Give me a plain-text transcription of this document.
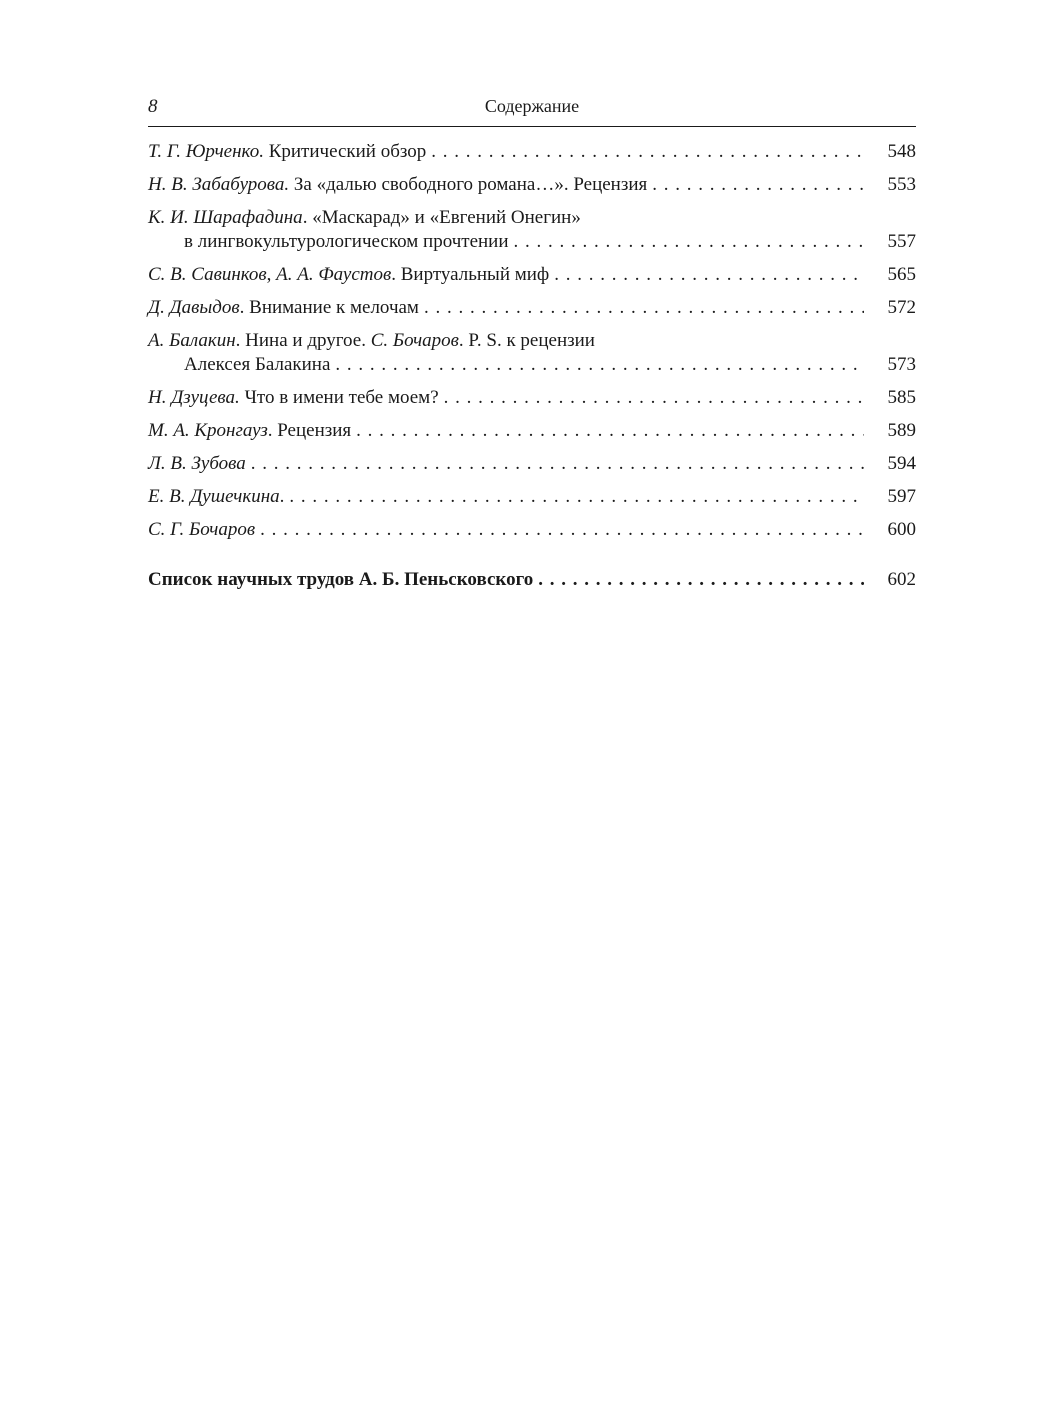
8	Содержание
Т. Г. Юрченко. Критический обзор . . .	548
Н. В. Забабурова. За «далью свободного романа…». Рецензия . . .	553
К. И. Шарафадина. «Маскарад» и «Евгений Онегин»
в лингвокультурологическом прочтении . . .	557
С. В. Савинков, А. А. Фаустов. Виртуальный миф . . .	565
Д. Давыдов. Внимание к мелочам . . .	572
А. Балакин. Нина и другое. С. Бочаров. P. S. к рецензии
Алексея Балакина . . .	573
Н. Дзуцева. Что в имени тебе моем? . . .	585
М. А. Кронгауз. Рецензия . . .	589
Л. В. Зубова . . .	594
Е. В. Душечкина. . . .	597
С. Г. Бочаров . . .	600
Список научных трудов А. Б. Пеньсковского . . .	602
